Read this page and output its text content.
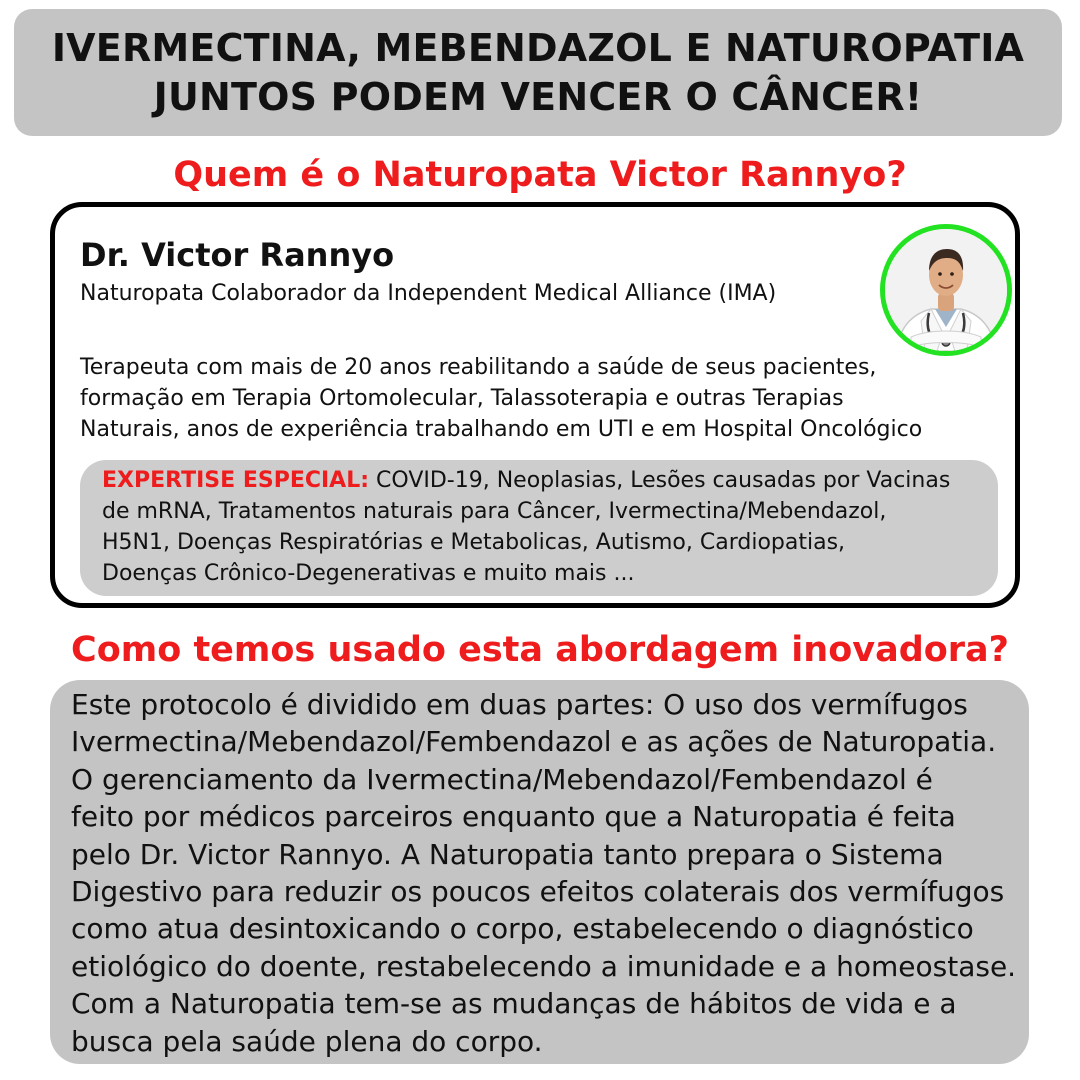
IVERMECTINA, MEBENDAZOL E NATUROPATIA
JUNTOS PODEM VENCER O CÂNCER!
Quem é o Naturopata Victor Rannyo?
Dr. Victor Rannyo
Naturopata Colaborador da Independent Medical Alliance (IMA)
Terapeuta com mais de 20 anos reabilitando a saúde de seus pacientes,
formação em Terapia Ortomolecular, Talassoterapia e outras Terapias
Naturais, anos de experiência trabalhando em UTI e em Hospital Oncológico
EXPERTISE ESPECIAL: COVID-19, Neoplasias, Lesões causadas por Vacinas
de mRNA, Tratamentos naturais para Câncer, Ivermectina/Mebendazol,
H5N1, Doenças Respiratórias e Metabolicas, Autismo, Cardiopatias,
Doenças Crônico-Degenerativas e muito mais ...
Como temos usado esta abordagem inovadora?
Este protocolo é dividido em duas partes: O uso dos vermífugos
Ivermectina/Mebendazol/Fembendazol e as ações de Naturopatia.
O gerenciamento da Ivermectina/Mebendazol/Fembendazol é
feito por médicos parceiros enquanto que a Naturopatia é feita
pelo Dr. Victor Rannyo. A Naturopatia tanto prepara o Sistema
Digestivo para reduzir os poucos efeitos colaterais dos vermífugos
como atua desintoxicando o corpo, estabelecendo o diagnóstico
etiológico do doente, restabelecendo a imunidade e a homeostase.
Com a Naturopatia tem-se as mudanças de hábitos de vida e a
busca pela saúde plena do corpo.
